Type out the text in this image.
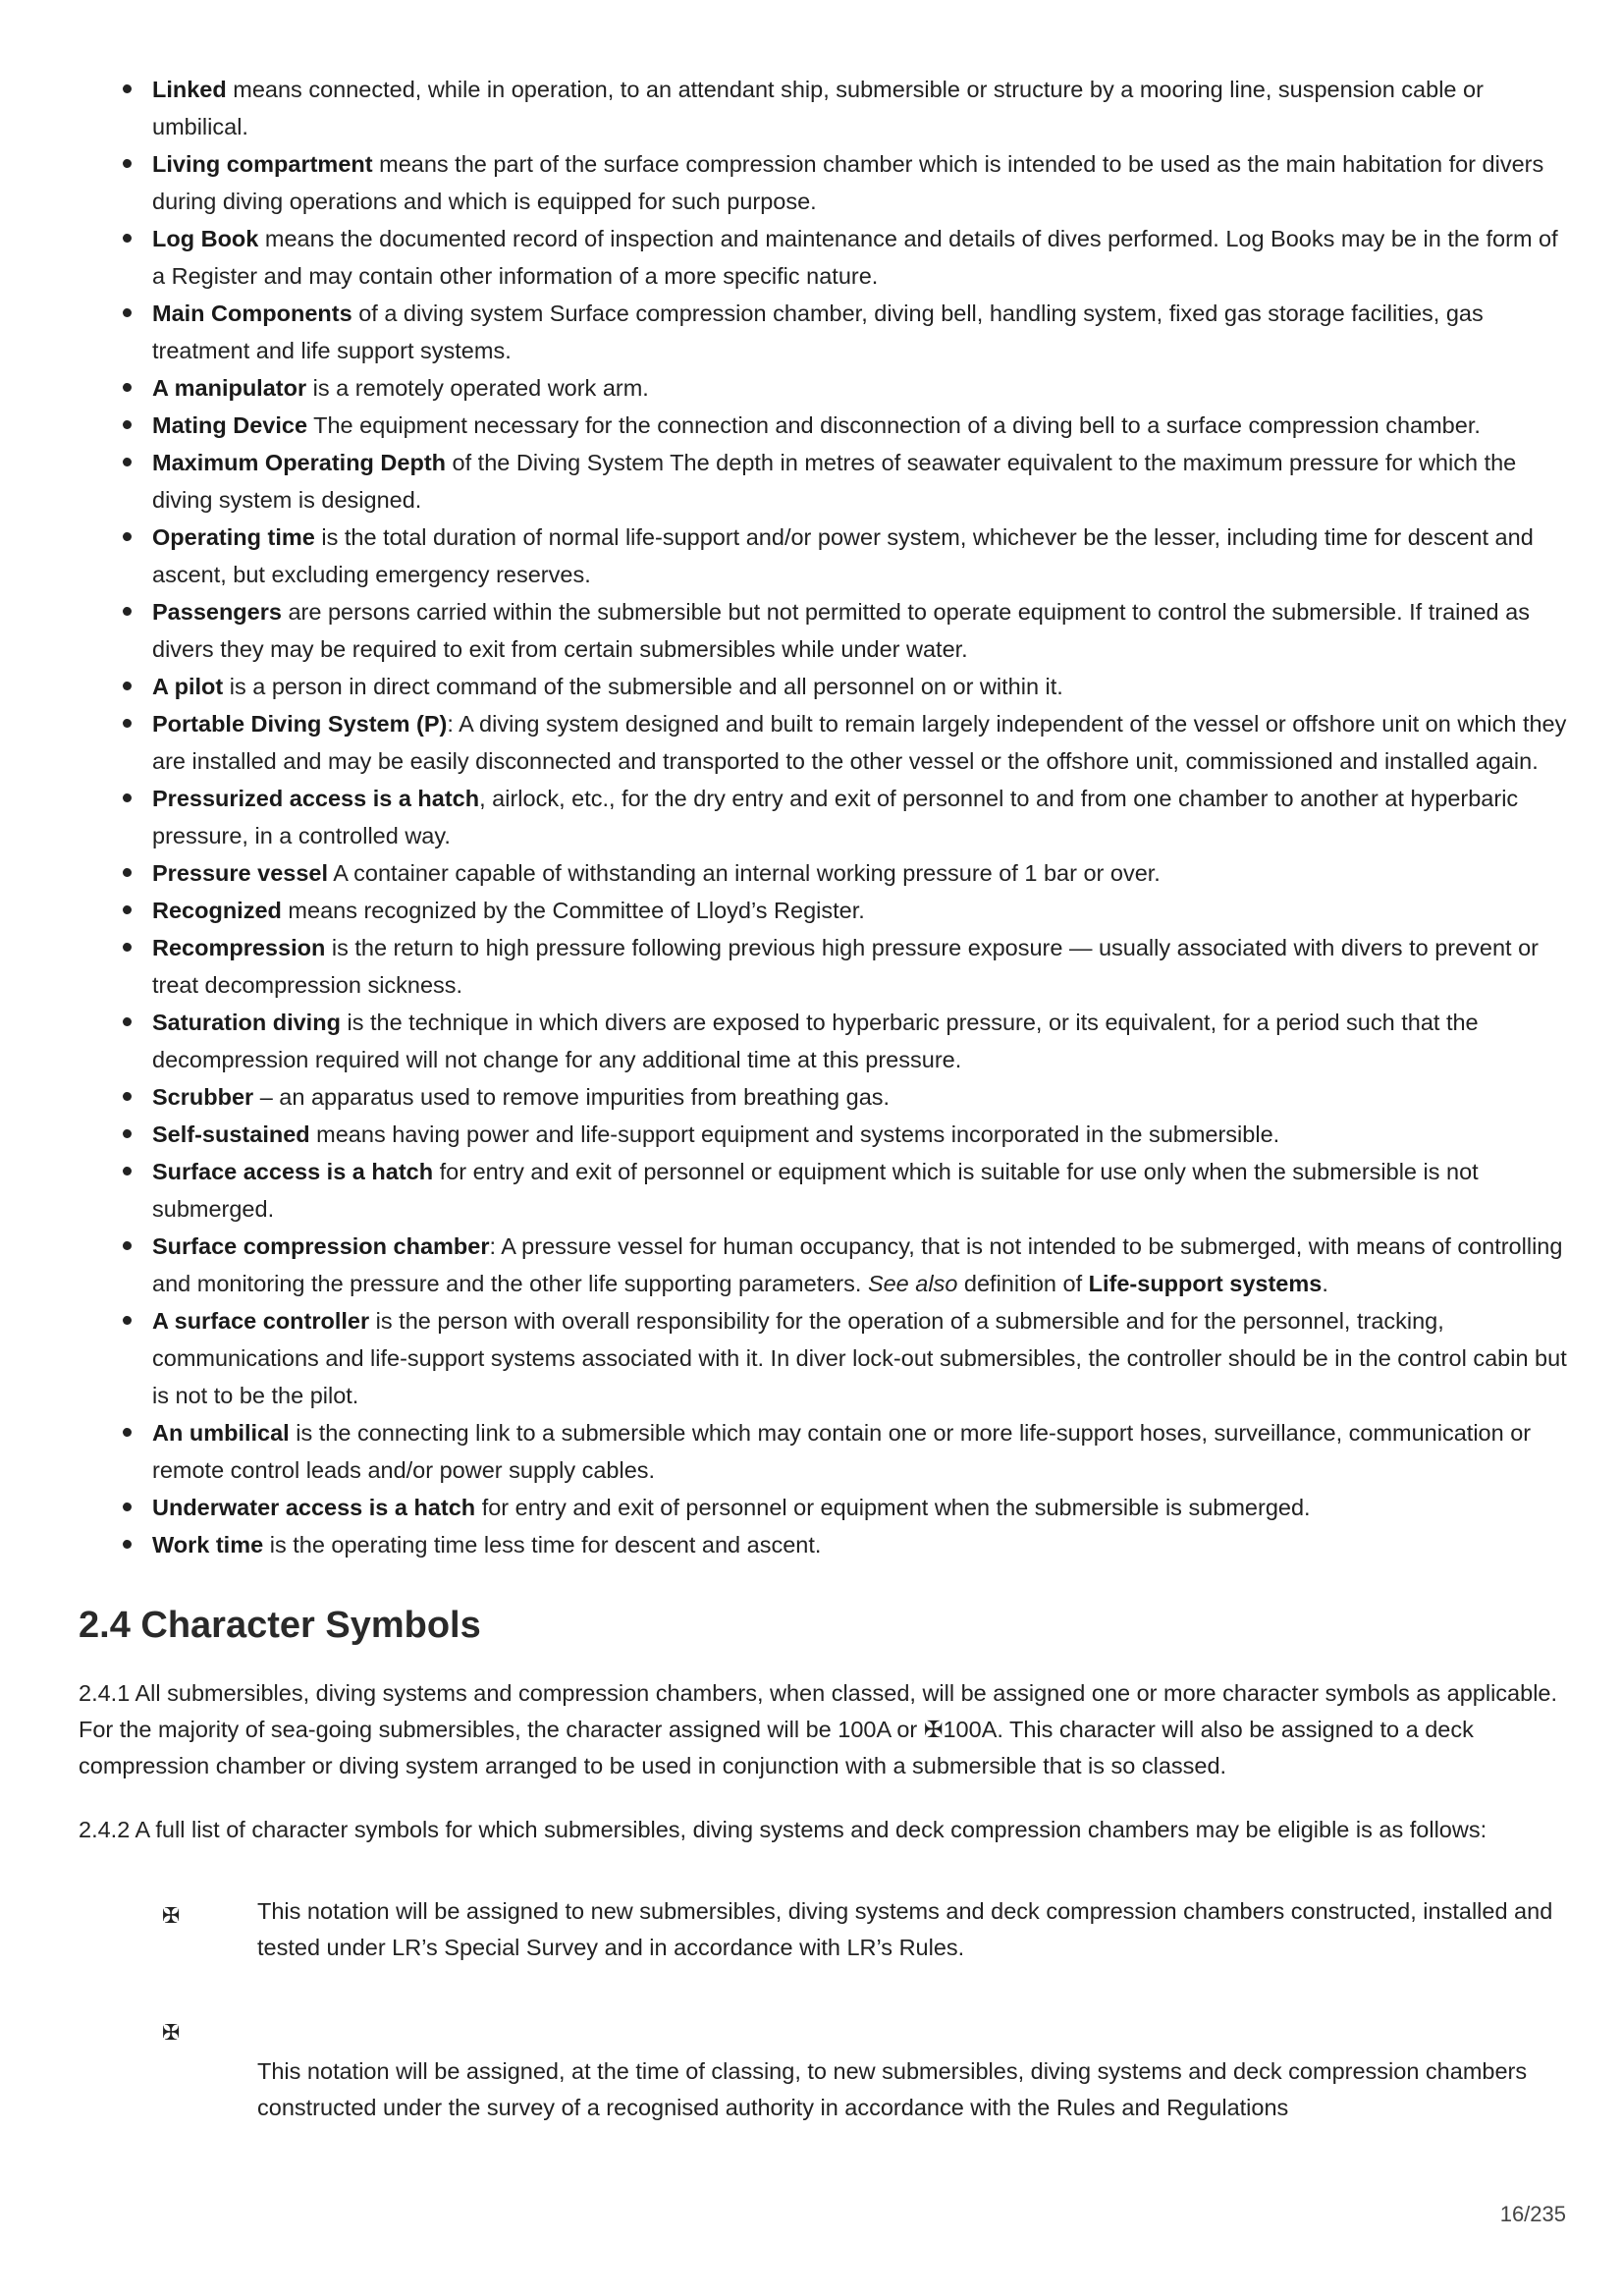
Linked means connected, while in operation, to an attendant ship, submersible or structure by a mooring line, suspension cable or umbilical.
Living compartment means the part of the surface compression chamber which is intended to be used as the main habitation for divers during diving operations and which is equipped for such purpose.
Log Book means the documented record of inspection and maintenance and details of dives performed. Log Books may be in the form of a Register and may contain other information of a more specific nature.
Main Components of a diving system Surface compression chamber, diving bell, handling system, fixed gas storage facilities, gas treatment and life support systems.
A manipulator is a remotely operated work arm.
Mating Device The equipment necessary for the connection and disconnection of a diving bell to a surface compression chamber.
Maximum Operating Depth of the Diving System The depth in metres of seawater equivalent to the maximum pressure for which the diving system is designed.
Operating time is the total duration of normal life-support and/or power system, whichever be the lesser, including time for descent and ascent, but excluding emergency reserves.
Passengers are persons carried within the submersible but not permitted to operate equipment to control the submersible. If trained as divers they may be required to exit from certain submersibles while under water.
A pilot is a person in direct command of the submersible and all personnel on or within it.
Portable Diving System (P): A diving system designed and built to remain largely independent of the vessel or offshore unit on which they are installed and may be easily disconnected and transported to the other vessel or the offshore unit, commissioned and installed again.
Pressurized access is a hatch, airlock, etc., for the dry entry and exit of personnel to and from one chamber to another at hyperbaric pressure, in a controlled way.
Pressure vessel A container capable of withstanding an internal working pressure of 1 bar or over.
Recognized means recognized by the Committee of Lloyd’s Register.
Recompression is the return to high pressure following previous high pressure exposure — usually associated with divers to prevent or treat decompression sickness.
Saturation diving is the technique in which divers are exposed to hyperbaric pressure, or its equivalent, for a period such that the decompression required will not change for any additional time at this pressure.
Scrubber – an apparatus used to remove impurities from breathing gas.
Self-sustained means having power and life-support equipment and systems incorporated in the submersible.
Surface access is a hatch for entry and exit of personnel or equipment which is suitable for use only when the submersible is not submerged.
Surface compression chamber: A pressure vessel for human occupancy, that is not intended to be submerged, with means of controlling and monitoring the pressure and the other life supporting parameters. See also definition of Life-support systems.
A surface controller is the person with overall responsibility for the operation of a submersible and for the personnel, tracking, communications and life-support systems associated with it. In diver lock-out submersibles, the controller should be in the control cabin but is not to be the pilot.
An umbilical is the connecting link to a submersible which may contain one or more life-support hoses, surveillance, communication or remote control leads and/or power supply cables.
Underwater access is a hatch for entry and exit of personnel or equipment when the submersible is submerged.
Work time is the operating time less time for descent and ascent.
2.4 Character Symbols

2.4.1 All submersibles, diving systems and compression chambers, when classed, will be assigned one or more character symbols as applicable. For the majority of sea-going submersibles, the character assigned will be 100A or ✠100A. This character will also be assigned to a deck compression chamber or diving system arranged to be used in conjunction with a submersible that is so classed.

2.4.2 A full list of character symbols for which submersibles, diving systems and deck compression chambers may be eligible is as follows:

✠	This notation will be assigned to new submersibles, diving systems and deck compression chambers constructed, installed and tested under LR’s Special Survey and in accordance with LR’s Rules.
✠
This notation will be assigned, at the time of classing, to new submersibles, diving systems and deck compression chambers constructed under the survey of a recognised authority in accordance with the Rules and Regulations
16/235
